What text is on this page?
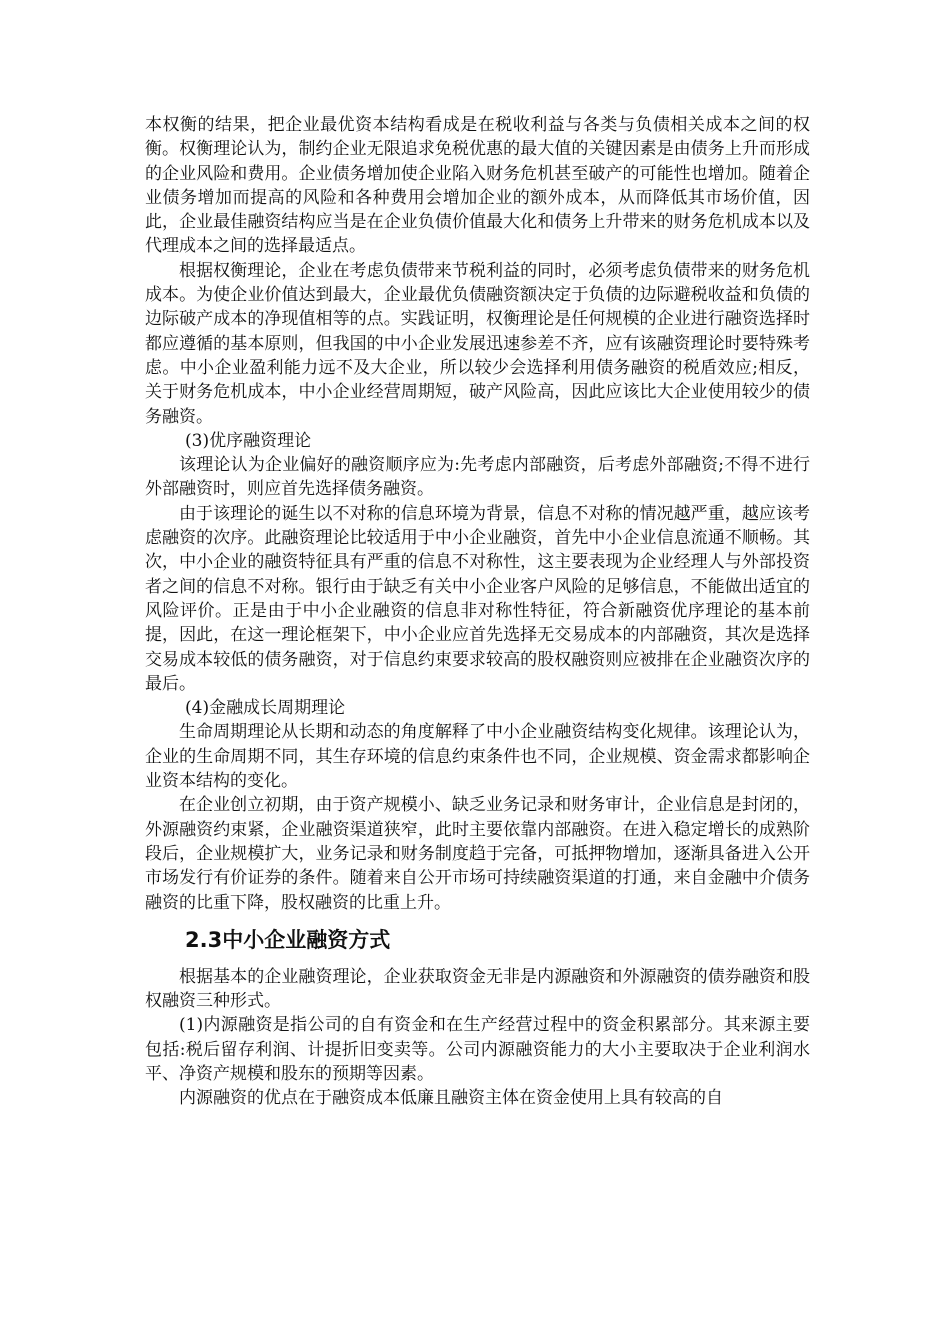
本权衡的结果，把企业最优资本结构看成是在税收利益与各类与负债相关成本之间的权衡。权衡理论认为，制约企业无限追求免税优惠的最大值的关键因素是由债务上升而形成的企业风险和费用。企业债务增加使企业陷入财务危机甚至破产的可能性也增加。随着企业债务增加而提高的风险和各种费用会增加企业的额外成本，从而降低其市场价值，因此，企业最佳融资结构应当是在企业负债价值最大化和债务上升带来的财务危机成本以及代理成本之间的选择最适点。

根据权衡理论，企业在考虑负债带来节税利益的同时，必须考虑负债带来的财务危机成本。为使企业价值达到最大，企业最优负债融资额决定于负债的边际避税收益和负债的边际破产成本的净现值相等的点。实践证明，权衡理论是任何规模的企业进行融资选择时都应遵循的基本原则，但我国的中小企业发展迅速参差不齐，应有该融资理论时要特殊考虑。中小企业盈利能力远不及大企业，所以较少会选择利用债务融资的税盾效应;相反，关于财务危机成本，中小企业经营周期短，破产风险高，因此应该比大企业使用较少的债务融资。

(3)优序融资理论

该理论认为企业偏好的融资顺序应为:先考虑内部融资，后考虑外部融资;不得不进行外部融资时，则应首先选择债务融资。

由于该理论的诞生以不对称的信息环境为背景，信息不对称的情况越严重，越应该考虑融资的次序。此融资理论比较适用于中小企业融资，首先中小企业信息流通不顺畅。其次，中小企业的融资特征具有严重的信息不对称性，这主要表现为企业经理人与外部投资者之间的信息不对称。银行由于缺乏有关中小企业客户风险的足够信息，不能做出适宜的风险评价。正是由于中小企业融资的信息非对称性特征，符合新融资优序理论的基本前提，因此，在这一理论框架下，中小企业应首先选择无交易成本的内部融资，其次是选择交易成本较低的债务融资，对于信息约束要求较高的股权融资则应被排在企业融资次序的最后。

(4)金融成长周期理论

生命周期理论从长期和动态的角度解释了中小企业融资结构变化规律。该理论认为，企业的生命周期不同，其生存环境的信息约束条件也不同，企业规模、资金需求都影响企业资本结构的变化。

在企业创立初期，由于资产规模小、缺乏业务记录和财务审计，企业信息是封闭的，外源融资约束紧，企业融资渠道狭窄，此时主要依靠内部融资。在进入稳定增长的成熟阶段后，企业规模扩大，业务记录和财务制度趋于完备，可抵押物增加，逐渐具备进入公开市场发行有价证券的条件。随着来自公开市场可持续融资渠道的打通，来自金融中介债务融资的比重下降，股权融资的比重上升。

2.3中小企业融资方式

根据基本的企业融资理论，企业获取资金无非是内源融资和外源融资的债券融资和股权融资三种形式。

(1)内源融资是指公司的自有资金和在生产经营过程中的资金积累部分。其来源主要包括:税后留存利润、计提折旧变卖等。公司内源融资能力的大小主要取决于企业利润水平、净资产规模和股东的预期等因素。

内源融资的优点在于融资成本低廉且融资主体在资金使用上具有较高的自
